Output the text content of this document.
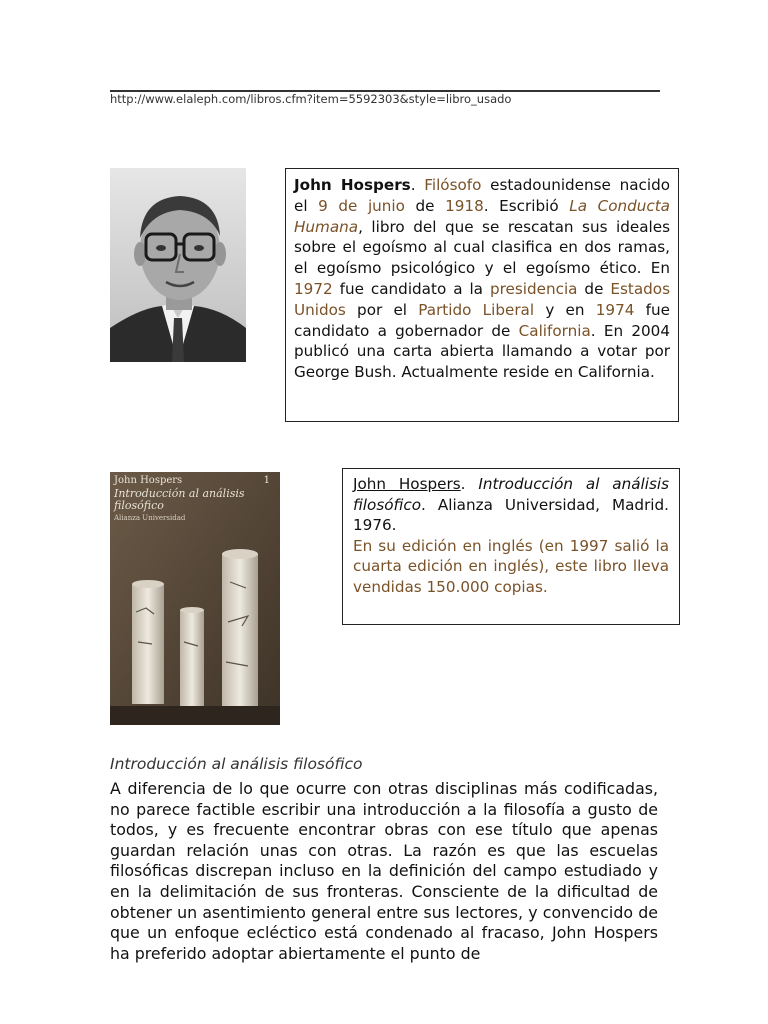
http://www.elaleph.com/libros.cfm?item=5592303&style=libro_usado
John Hospers. Filósofo estadounidense nacido el 9 de junio de 1918. Escribió La Conducta Humana, libro del que se rescatan sus ideales sobre el egoísmo al cual clasifica en dos ramas, el egoísmo psicológico y el egoísmo ético. En 1972 fue candidato a la presidencia de Estados Unidos por el Partido Liberal y en 1974 fue candidato a gobernador de California. En 2004 publicó una carta abierta llamando a votar por George Bush. Actualmente reside en California.
John Hospers	1
Introducción al análisis filosófico
Alianza Universidad
John Hospers. Introducción al análisis filosófico. Alianza Universidad, Madrid. 1976.
En su edición en inglés (en 1997 salió la cuarta edición en inglés), este libro lleva vendidas 150.000 copias.
Introducción al análisis filosófico
A diferencia de lo que ocurre con otras disciplinas más codificadas, no parece factible escribir una introducción a la filosofía a gusto de todos, y es frecuente encontrar obras con ese título que apenas guardan relación unas con otras. La razón es que las escuelas filosóficas discrepan incluso en la definición del campo estudiado y en la delimitación de sus fronteras. Consciente de la dificultad de obtener un asentimiento general entre sus lectores, y convencido de que un enfoque ecléctico está condenado al fracaso, John Hospers ha preferido adoptar abiertamente el punto de
